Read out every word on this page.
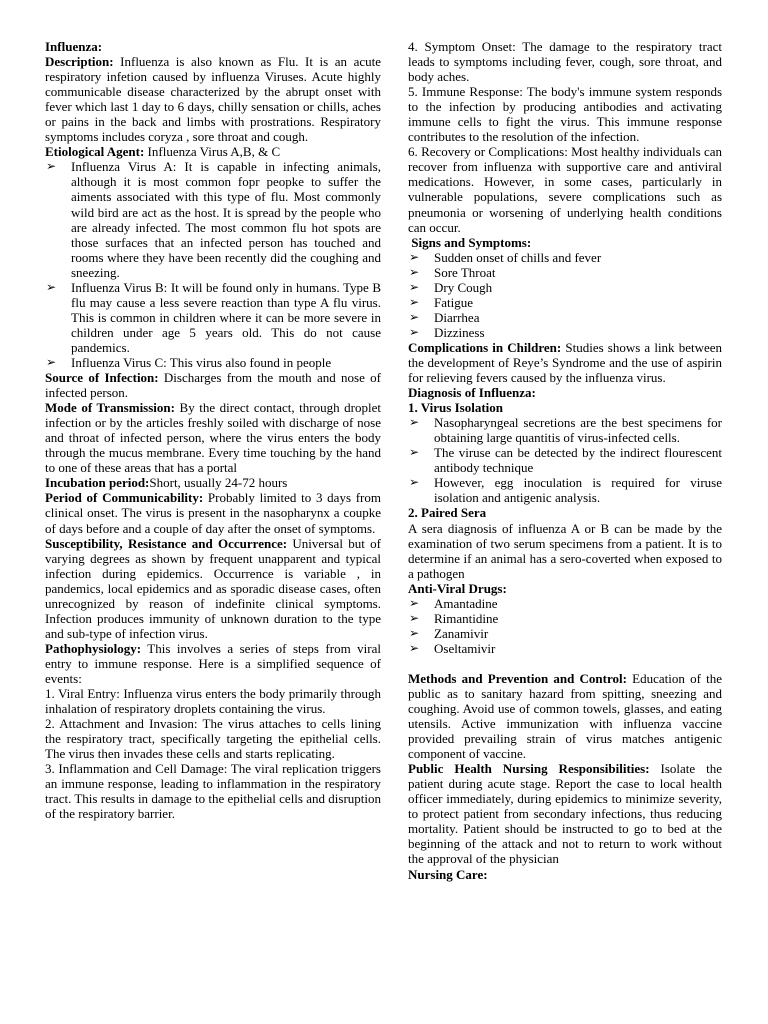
Influenza:

Description: Influenza is also known as Flu. It is an acute respiratory infetion caused by influenza Viruses. Acute highly communicable disease characterized by the abrupt onset with fever which last 1 day to 6 days, chilly sensation or chills, aches or pains in the back and limbs with prostrations. Respiratory symptoms includes coryza , sore throat and cough.

Etiological Agent: Influenza Virus A,B, & C

➢ Influenza Virus A: It is capable in infecting animals, although it is most common fopr peopke to suffer the aiments associated with this type of flu. Most commonly wild bird are act as the host. It is spread by the people who are already infected. The most common flu hot spots are those surfaces that an infected person has touched and rooms where they have been recently did the coughing and sneezing.
➢ Influenza Virus B: It will be found only in humans. Type B flu may cause a less severe reaction than type A flu virus. This is common in children where it can be more severe in children under age 5 years old. This do not cause pandemics.
➢ Influenza Virus C: This virus also found in people

Source of Infection: Discharges from the mouth and nose of infected person.

Mode of Transmission: By the direct contact, through droplet infection or by the articles freshly soiled with discharge of nose and throat of infected person, where the virus enters the body through the mucus membrane. Every time touching by the hand to one of these areas that has a portal

Incubation period:Short, usually 24-72 hours

Period of Communicability: Probably limited to 3 days from clinical onset. The virus is present in the nasopharynx a coupke of days before and a couple of day after the onset of symptoms.

Susceptibility, Resistance and Occurrence: Universal but of varying degrees as shown by frequent unapparent and typical infection during epidemics. Occurrence is variable , in pandemics, local epidemics and as sporadic disease cases, often unrecognized by reason of indefinite clinical symptoms. Infection produces immunity of unknown duration to the type and sub-type of infection virus.

Pathophysiology: This involves a series of steps from viral entry to immune response. Here is a simplified sequence of events:

1. Viral Entry: Influenza virus enters the body primarily through inhalation of respiratory droplets containing the virus.

2. Attachment and Invasion: The virus attaches to cells lining the respiratory tract, specifically targeting the epithelial cells. The virus then invades these cells and starts replicating.

3. Inflammation and Cell Damage: The viral replication triggers an immune response, leading to inflammation in the respiratory tract. This results in damage to the epithelial cells and disruption of the respiratory barrier.

4. Symptom Onset: The damage to the respiratory tract leads to symptoms including fever, cough, sore throat, and body aches.

5. Immune Response: The body's immune system responds to the infection by producing antibodies and activating immune cells to fight the virus. This immune response contributes to the resolution of the infection.

6. Recovery or Complications: Most healthy individuals can recover from influenza with supportive care and antiviral medications. However, in some cases, particularly in vulnerable populations, severe complications such as pneumonia or worsening of underlying health conditions can occur.

Signs and Symptoms:

➢ Sudden onset of chills and fever
➢ Sore Throat
➢ Dry Cough
➢ Fatigue
➢ Diarrhea
➢ Dizziness

Complications in Children: Studies shows a link between the development of Reye’s Syndrome and the use of aspirin for relieving fevers caused by the influenza virus.

Diagnosis of Influenza:

1. Virus Isolation

➢ Nasopharyngeal secretions are the best specimens for obtaining large quantitis of virus-infected cells.
➢ The viruse can be detected by the indirect flourescent antibody technique
➢ However, egg inoculation is required for viruse isolation and antigenic analysis.

2. Paired Sera

A sera diagnosis of influenza A or B can be made by the examination of two serum specimens from a patient. It is to determine if an animal has a sero-coverted when exposed to a pathogen

Anti-Viral Drugs:

➢ Amantadine
➢ Rimantidine
➢ Zanamivir
➢ Oseltamivir

Methods and Prevention and Control: Education of the public as to sanitary hazard from spitting, sneezing and coughing. Avoid use of common towels, glasses, and eating utensils. Active immunization with influenza vaccine provided prevailing strain of virus matches antigenic component of vaccine.

Public Health Nursing Responsibilities: Isolate the patient during acute stage. Report the case to local health officer immediately, during epidemics to minimize severity, to protect patient from secondary infections, thus reducing mortality. Patient should be instructed to go to bed at the beginning of the attack and not to return to work without the approval of the physician

Nursing Care:
